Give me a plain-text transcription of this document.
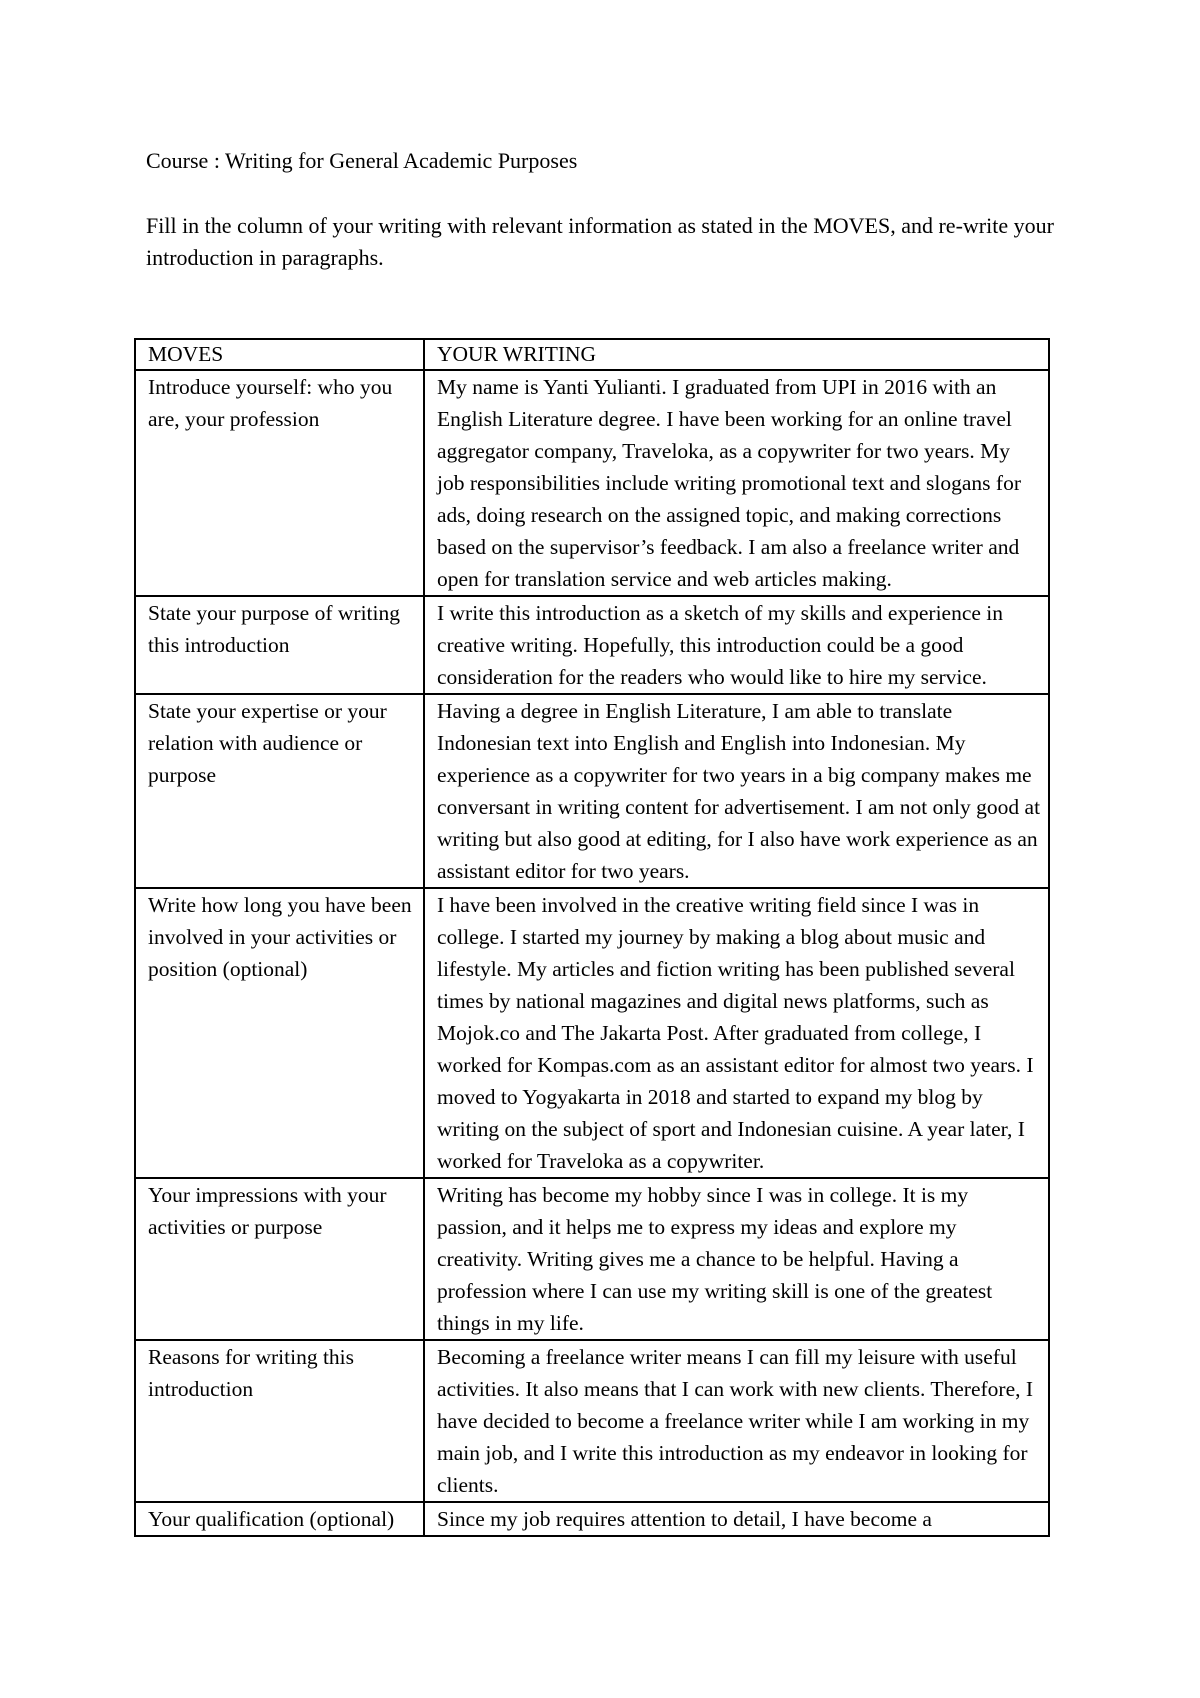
Course : Writing for General Academic Purposes
Fill in the column of your writing with relevant information as stated in the MOVES, and re-write your introduction in paragraphs.
MOVES	YOUR WRITING

Introduce yourself: who you are, your profession	My name is Yanti Yulianti. I graduated from UPI in 2016 with an English Literature degree. I have been working for an online travel aggregator company, Traveloka, as a copywriter for two years. My job responsibilities include writing promotional text and slogans for ads, doing research on the assigned topic, and making corrections based on the supervisor’s feedback. I am also a freelance writer and open for translation service and web articles making.

State your purpose of writing this introduction	I write this introduction as a sketch of my skills and experience in creative writing. Hopefully, this introduction could be a good consideration for the readers who would like to hire my service.

State your expertise or your relation with audience or purpose	Having a degree in English Literature, I am able to translate Indonesian text into English and English into Indonesian. My experience as a copywriter for two years in a big company makes me conversant in writing content for advertisement. I am not only good at writing but also good at editing, for I also have work experience as an assistant editor for two years.

Write how long you have been involved in your activities or position (optional)	I have been involved in the creative writing field since I was in college. I started my journey by making a blog about music and lifestyle. My articles and fiction writing has been published several times by national magazines and digital news platforms, such as Mojok.co and The Jakarta Post. After graduated from college, I worked for Kompas.com as an assistant editor for almost two years. I moved to Yogyakarta in 2018 and started to expand my blog by writing on the subject of sport and Indonesian cuisine. A year later, I worked for Traveloka as a copywriter.

Your impressions with your activities or purpose	Writing has become my hobby since I was in college. It is my passion, and it helps me to express my ideas and explore my creativity. Writing gives me a chance to be helpful. Having a profession where I can use my writing skill is one of the greatest things in my life.

Reasons for writing this introduction	Becoming a freelance writer means I can fill my leisure with useful activities. It also means that I can work with new clients. Therefore, I have decided to become a freelance writer while I am working in my main job, and I write this introduction as my endeavor in looking for clients.

Your qualification (optional)	Since my job requires attention to detail, I have become a
